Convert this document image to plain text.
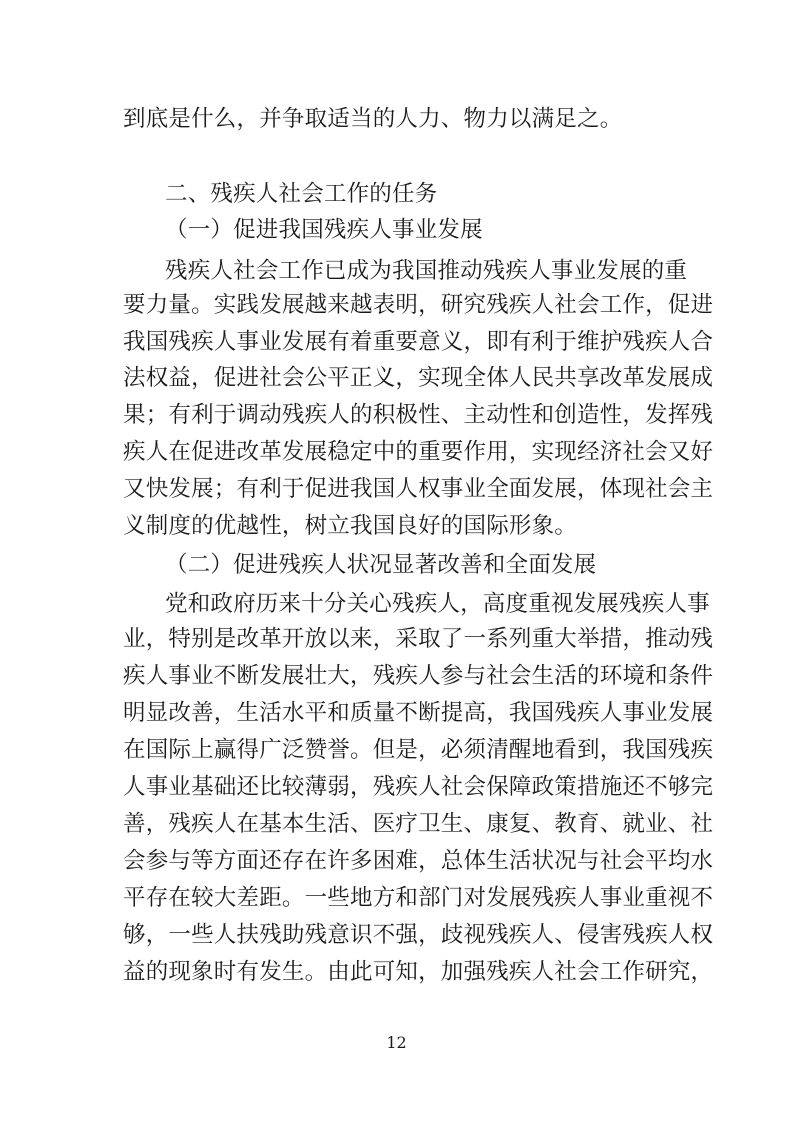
到底是什么，并争取适当的人力、物力以满足之。
二、残疾人社会工作的任务
（一）促进我国残疾人事业发展
残疾人社会工作已成为我国推动残疾人事业发展的重
要力量。实践发展越来越表明，研究残疾人社会工作，促进
我国残疾人事业发展有着重要意义，即有利于维护残疾人合
法权益，促进社会公平正义，实现全体人民共享改革发展成
果；有利于调动残疾人的积极性、主动性和创造性，发挥残
疾人在促进改革发展稳定中的重要作用，实现经济社会又好
又快发展；有利于促进我国人权事业全面发展，体现社会主
义制度的优越性，树立我国良好的国际形象。
（二）促进残疾人状况显著改善和全面发展
党和政府历来十分关心残疾人，高度重视发展残疾人事
业，特别是改革开放以来，采取了一系列重大举措，推动残
疾人事业不断发展壮大，残疾人参与社会生活的环境和条件
明显改善，生活水平和质量不断提高，我国残疾人事业发展
在国际上赢得广泛赞誉。但是，必须清醒地看到，我国残疾
人事业基础还比较薄弱，残疾人社会保障政策措施还不够完
善，残疾人在基本生活、医疗卫生、康复、教育、就业、社
会参与等方面还存在许多困难，总体生活状况与社会平均水
平存在较大差距。一些地方和部门对发展残疾人事业重视不
够，一些人扶残助残意识不强，歧视残疾人、侵害残疾人权
益的现象时有发生。由此可知，加强残疾人社会工作研究，
12
